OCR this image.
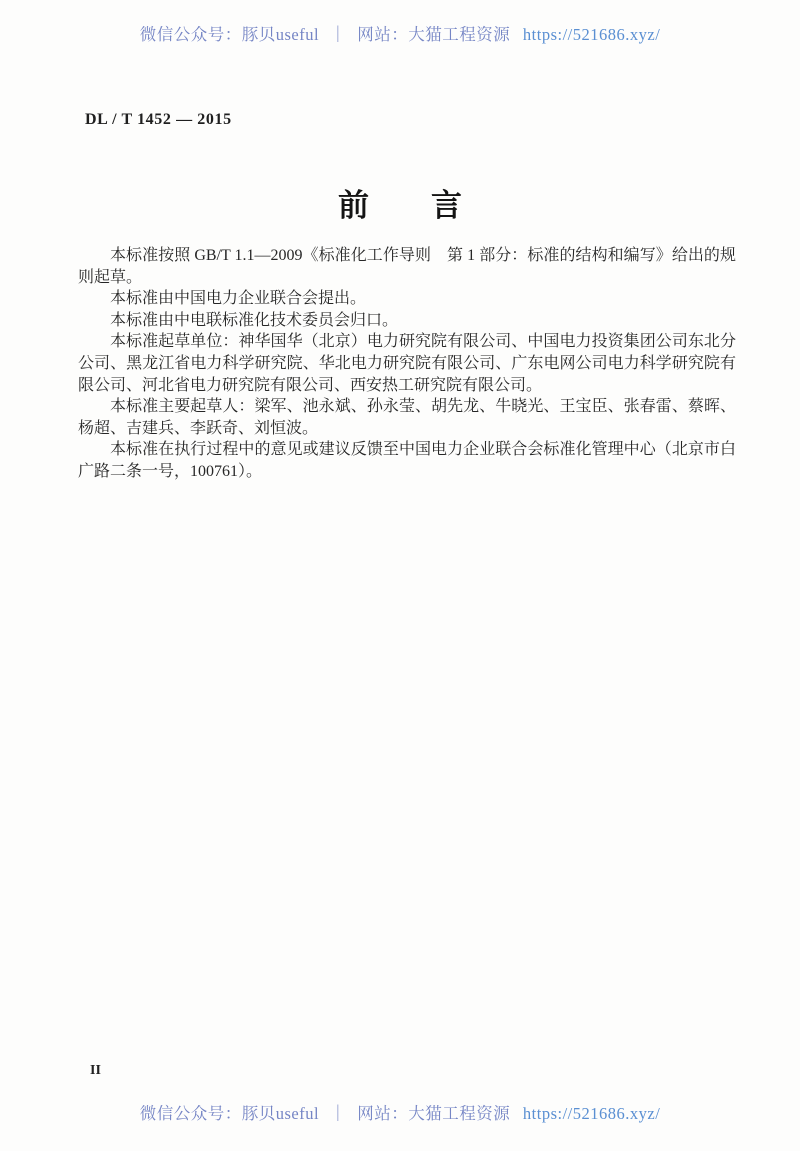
微信公众号：豚贝useful ｜ 网站：大猫工程资源 https://521686.xyz/
DL / T 1452 — 2015
前　　言

本标准按照 GB/T 1.1—2009《标准化工作导则　第 1 部分：标准的结构和编写》给出的规则起草。

本标准由中国电力企业联合会提出。

本标准由中电联标准化技术委员会归口。

本标准起草单位：神华国华（北京）电力研究院有限公司、中国电力投资集团公司东北分公司、黑龙江省电力科学研究院、华北电力研究院有限公司、广东电网公司电力科学研究院有限公司、河北省电力研究院有限公司、西安热工研究院有限公司。

本标准主要起草人：梁军、池永斌、孙永莹、胡先龙、牛晓光、王宝臣、张春雷、蔡晖、杨超、吉建兵、李跃奇、刘恒波。

本标准在执行过程中的意见或建议反馈至中国电力企业联合会标准化管理中心（北京市白广路二条一号，100761）。

II
微信公众号：豚贝useful ｜ 网站：大猫工程资源 https://521686.xyz/
